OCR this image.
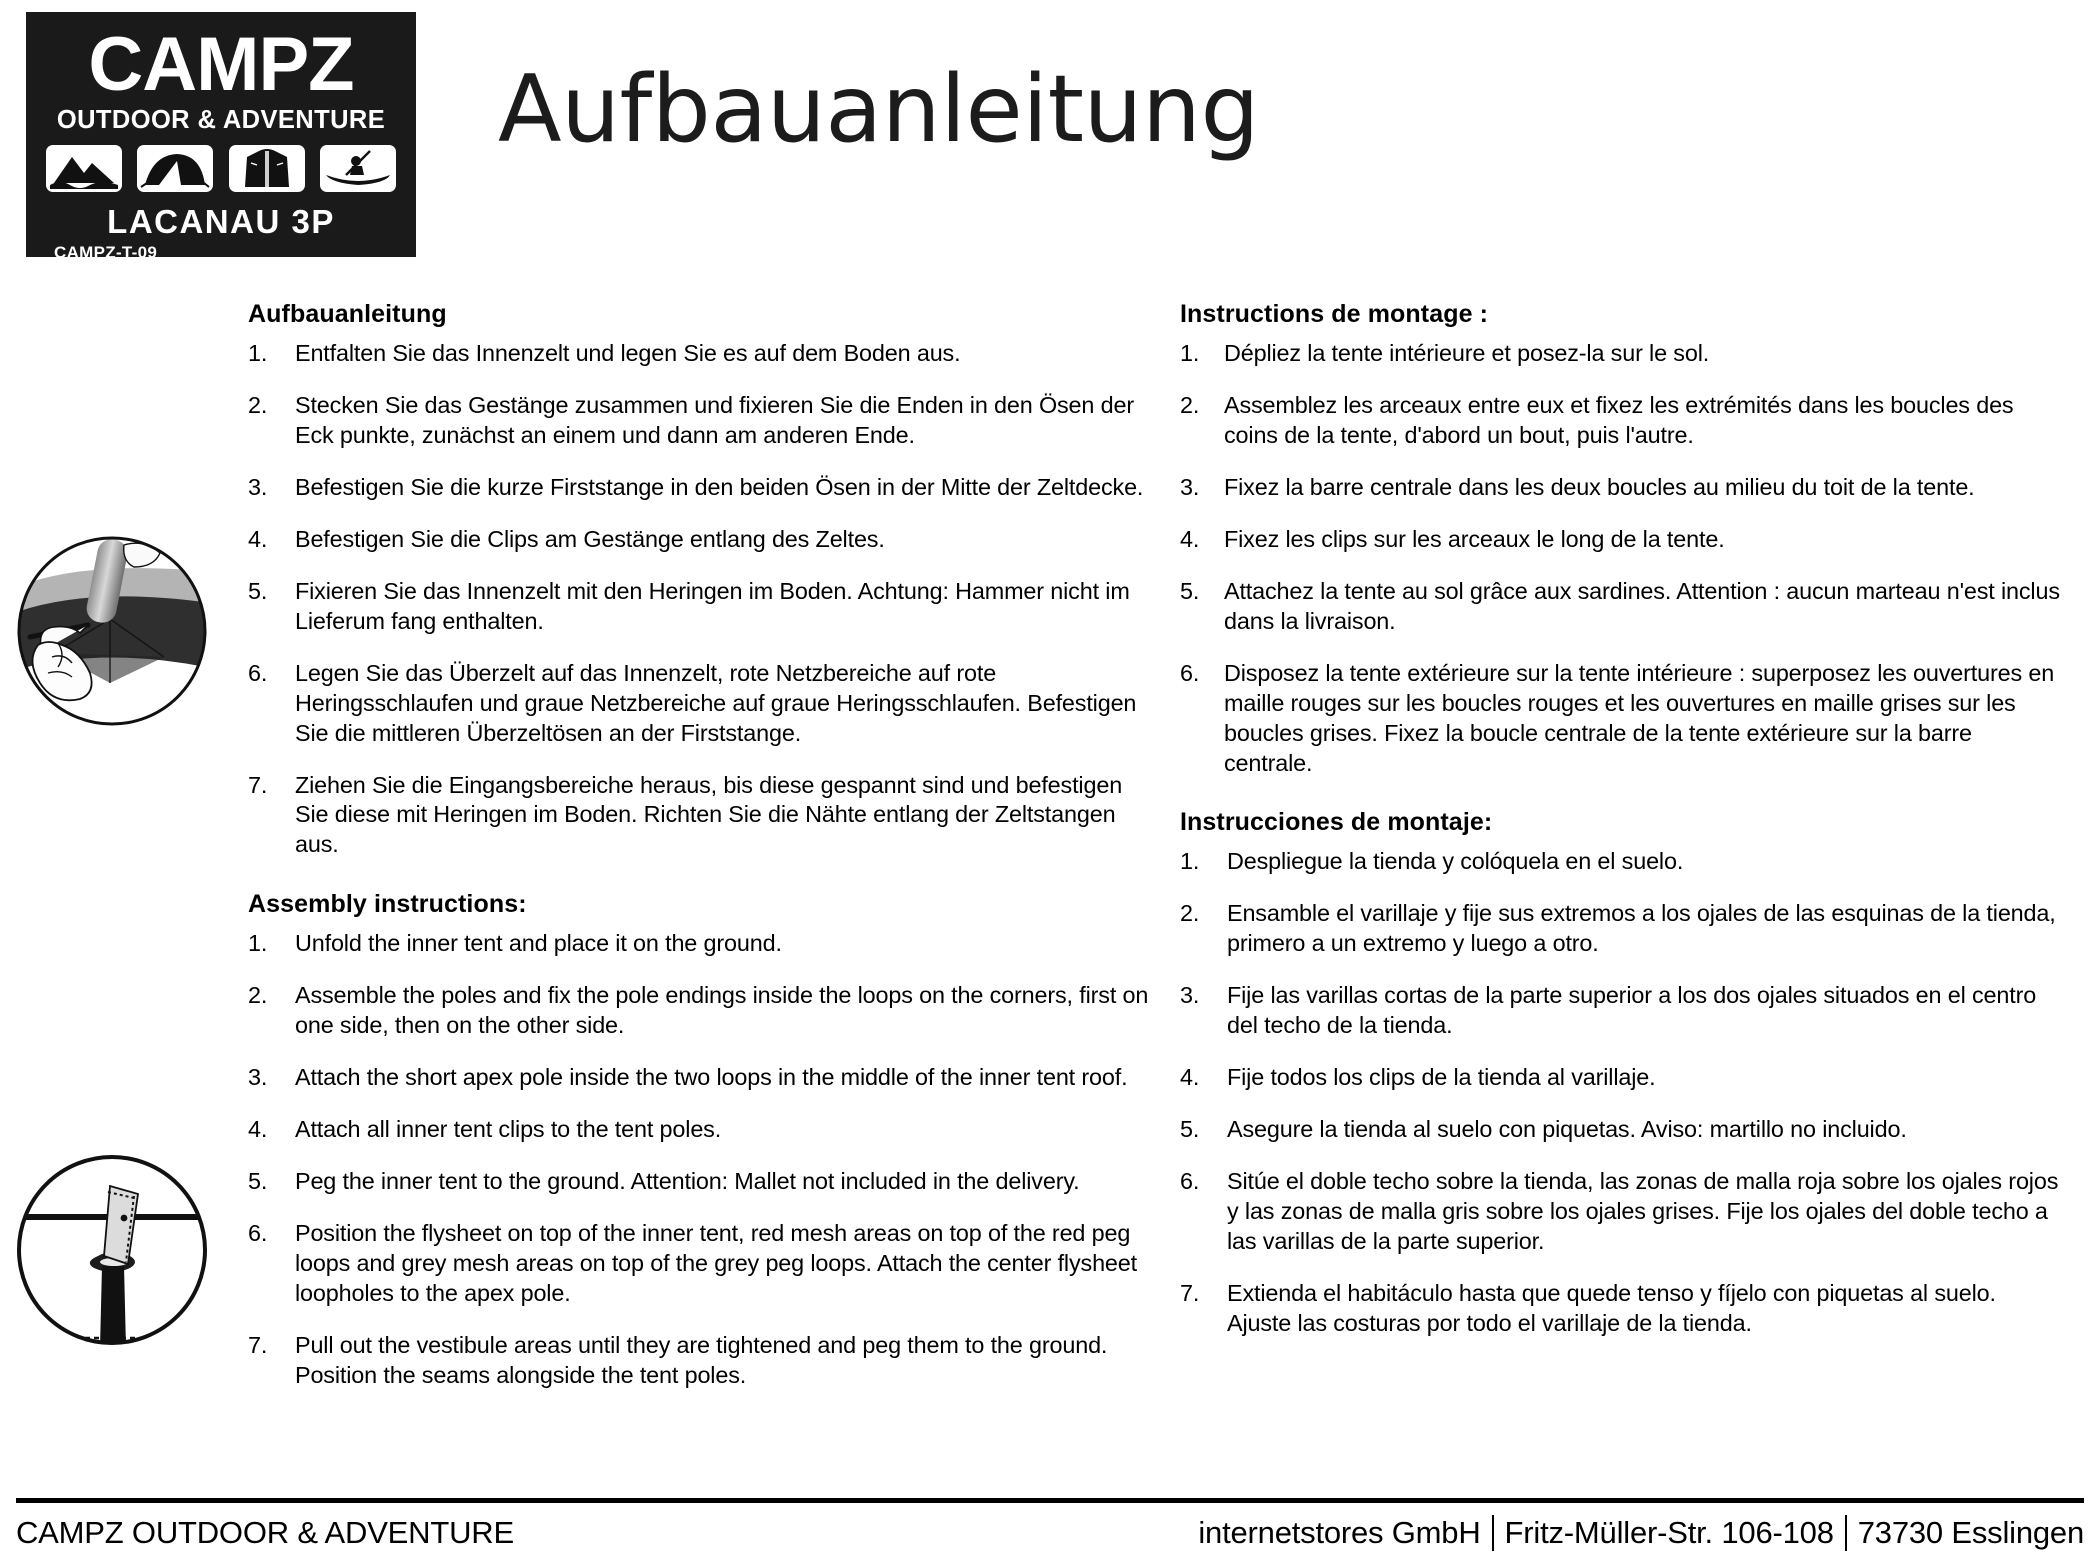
CAMPZ
OUTDOOR & ADVENTURE
LACANAU 3P
CAMPZ-T-09
Aufbauanleitung
Aufbauanleitung
1.	Entfalten Sie das Innenzelt und legen Sie es auf dem Boden aus.
2.	Stecken Sie das Gestänge zusammen und fixieren Sie die Enden in den Ösen der Eck punkte, zunächst an einem und dann am anderen Ende.
3.	Befestigen Sie die kurze Firststange in den beiden Ösen in der Mitte der Zeltdecke.
4.	Befestigen Sie die Clips am Gestänge entlang des Zeltes.
5.	Fixieren Sie das Innenzelt mit den Heringen im Boden. Achtung: Hammer nicht im Lieferum fang enthalten.
6.	Legen Sie das Überzelt auf das Innenzelt, rote Netzbereiche auf rote Heringsschlaufen und graue Netzbereiche auf graue Heringsschlaufen. Befestigen Sie die mittleren Überzeltösen an der Firststange.
7.	Ziehen Sie die Eingangsbereiche heraus, bis diese gespannt sind und befestigen Sie diese mit Heringen im Boden. Richten Sie die Nähte entlang der Zeltstangen aus.
Assembly instructions:
1.	Unfold the inner tent and place it on the ground.
2.	Assemble the poles and fix the pole endings inside the loops on the corners, first on one side, then on the other side.
3.	Attach the short apex pole inside the two loops in the middle of the inner tent roof.
4.	Attach all inner tent clips to the tent poles.
5.	Peg the inner tent to the ground. Attention: Mallet not included in the delivery.
6.	Position the flysheet on top of the inner tent, red mesh areas on top of the red peg loops and grey mesh areas on top of the grey peg loops. Attach the center flysheet loopholes to the apex pole.
7.	Pull out the vestibule areas until they are tightened and peg them to the ground. Position the seams alongside the tent poles.
Instructions de montage :
1.	Dépliez la tente intérieure et posez-la sur le sol.
2.	Assemblez les arceaux entre eux et fixez les extrémités dans les boucles des coins de la tente, d'abord un bout, puis l'autre.
3.	Fixez la barre centrale dans les deux boucles au milieu du toit de la tente.
4.	Fixez les clips sur les arceaux le long de la tente.
5.	Attachez la tente au sol grâce aux sardines. Attention : aucun marteau n'est inclus dans la livraison.
6.	Disposez la tente extérieure sur la tente intérieure : superposez les ouvertures en maille rouges sur les boucles rouges et les ouvertures en maille grises sur les boucles grises. Fixez la boucle centrale de la tente extérieure sur la barre centrale.
Instrucciones de montaje:
1.	Despliegue la tienda y colóquela en el suelo.
2.	Ensamble el varillaje y fije sus extremos a los ojales de las esquinas de la tienda, primero a un extremo y luego a otro.
3.	Fije las varillas cortas de la parte superior a los dos ojales situados en el centro del techo de la tienda.
4.	Fije todos los clips de la tienda al varillaje.
5.	Asegure la tienda al suelo con piquetas. Aviso: martillo no incluido.
6.	Sitúe el doble techo sobre la tienda, las zonas de malla roja sobre los ojales rojos y las zonas de malla gris sobre los ojales grises. Fije los ojales del doble techo a las varillas de la parte superior.
7.	Extienda el habitáculo hasta que quede tenso y fíjelo con piquetas al suelo. Ajuste las costuras por todo el varillaje de la tienda.
CAMPZ OUTDOOR & ADVENTURE	internetstores GmbH Fritz-Müller-Str. 106-108 73730 Esslingen
